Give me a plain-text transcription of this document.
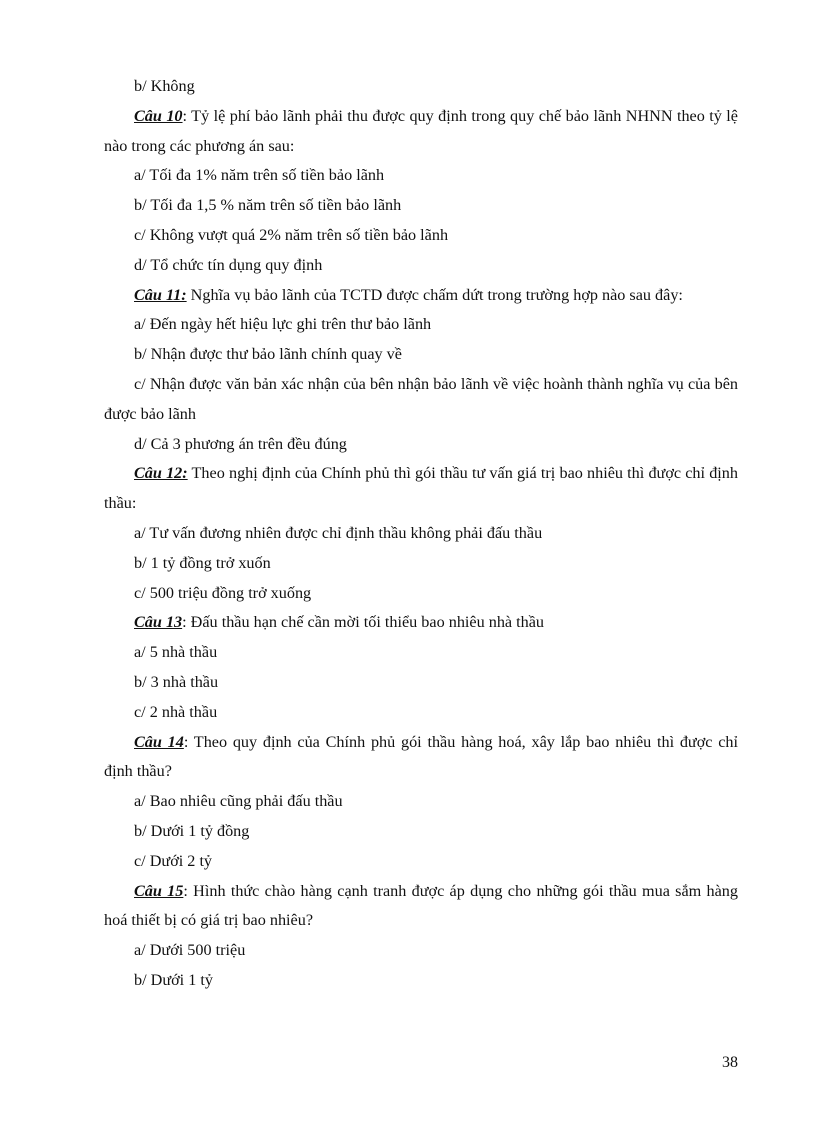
b/ Không

Câu 10: Tỷ lệ phí bảo lãnh phải thu được quy định trong quy chế bảo lãnh NHNN theo tỷ lệ nào trong các phương án sau:

a/ Tối đa 1% năm trên số tiền bảo lãnh

b/ Tối đa 1,5 % năm trên số tiền bảo lãnh

c/ Không vượt quá 2% năm trên số tiền bảo lãnh

d/ Tổ chức tín dụng quy định

Câu 11: Nghĩa vụ bảo lãnh của TCTD được chấm dứt trong trường hợp nào sau đây:

a/ Đến ngày hết hiệu lực ghi trên thư bảo lãnh

b/ Nhận được thư bảo lãnh chính quay về

c/ Nhận được văn bản xác nhận của bên nhận bảo lãnh về việc hoành thành nghĩa vụ của bên được bảo lãnh

d/ Cả 3 phương án trên đều đúng

Câu 12: Theo nghị định của Chính phủ thì gói thầu tư vấn giá trị bao nhiêu thì được chỉ định thầu:

a/ Tư vấn đương nhiên được chỉ định thầu không phải đấu thầu

b/ 1 tỷ đồng trở xuốn

c/ 500 triệu đồng trở xuống

Câu 13: Đấu thầu hạn chế cần mời tối thiểu bao nhiêu nhà thầu

a/ 5 nhà thầu

b/ 3 nhà thầu

c/ 2 nhà thầu

Câu 14: Theo quy định của Chính phủ gói thầu hàng hoá, xây lắp bao nhiêu thì được chỉ định thầu?

a/ Bao nhiêu cũng phải đấu thầu

b/ Dưới 1 tỷ đồng

c/ Dưới 2 tỷ

Câu 15: Hình thức chào hàng cạnh tranh được áp dụng cho những gói thầu mua sắm hàng hoá thiết bị có giá trị bao nhiêu?

a/ Dưới 500 triệu

b/ Dưới 1 tỷ

38
